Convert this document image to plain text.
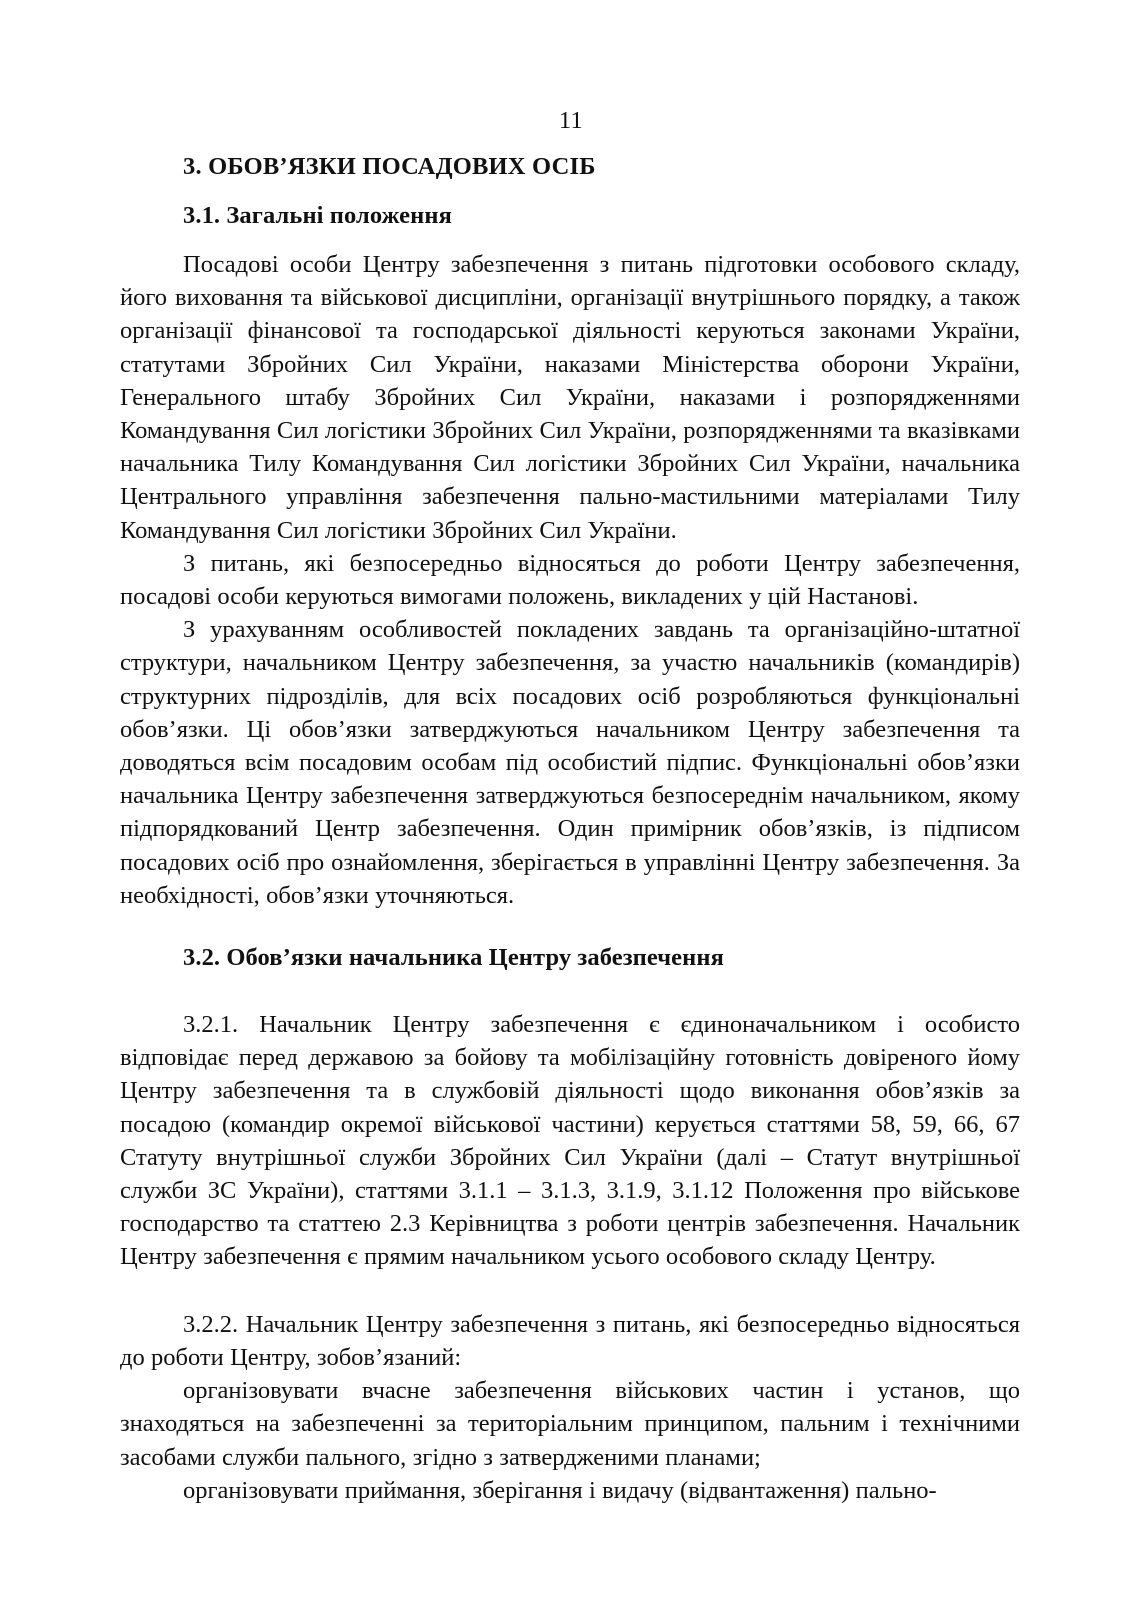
11
3. ОБОВ’ЯЗКИ ПОСАДОВИХ ОСІБ
3.1. Загальні положення

Посадові особи Центру забезпечення з питань підготовки особового складу, його виховання та військової дисципліни, організації внутрішнього порядку, а також організації фінансової та господарської діяльності керуються законами України, статутами Збройних Сил України, наказами Міністерства оборони України, Генерального штабу Збройних Сил України, наказами і розпорядженнями Командування Сил логістики Збройних Сил України, розпорядженнями та вказівками начальника Тилу Командування Сил логістики Збройних Сил України, начальника Центрального управління забезпечення пально-мастильними матеріалами Тилу Командування Сил логістики Збройних Сил України.

З питань, які безпосередньо відносяться до роботи Центру забезпечення, посадові особи керуються вимогами положень, викладених у цій Настанові.

З урахуванням особливостей покладених завдань та організаційно-штатної структури, начальником Центру забезпечення, за участю начальників (командирів) структурних підрозділів, для всіх посадових осіб розробляються функціональні обов’язки. Ці обов’язки затверджуються начальником Центру забезпечення та доводяться всім посадовим особам під особистий підпис. Функціональні обов’язки начальника Центру забезпечення затверджуються безпосереднім начальником, якому підпорядкований Центр забезпечення. Один примірник обов’язків, із підписом посадових осіб про ознайомлення, зберігається в управлінні Центру забезпечення. За необхідності, обов’язки уточняються.

3.2. Обов’язки начальника Центру забезпечення

3.2.1. Начальник Центру забезпечення є єдиноначальником і особисто відповідає перед державою за бойову та мобілізаційну готовність довіреного йому Центру забезпечення та в службовій діяльності щодо виконання обов’язків за посадою (командир окремої військової частини) керується статтями 58, 59, 66, 67 Статуту внутрішньої служби Збройних Сил України (далі – Статут внутрішньої служби ЗС України), статтями 3.1.1 – 3.1.3, 3.1.9, 3.1.12 Положення про військове господарство та статтею 2.3 Керівництва з роботи центрів забезпечення. Начальник Центру забезпечення є прямим начальником усього особового складу Центру.

3.2.2. Начальник Центру забезпечення з питань, які безпосередньо відносяться до роботи Центру, зобов’язаний:

організовувати вчасне забезпечення військових частин і установ, що знаходяться на забезпеченні за територіальним принципом, пальним і технічними засобами служби пального, згідно з затвердженими планами;

організовувати приймання, зберігання і видачу (відвантаження) пально-
